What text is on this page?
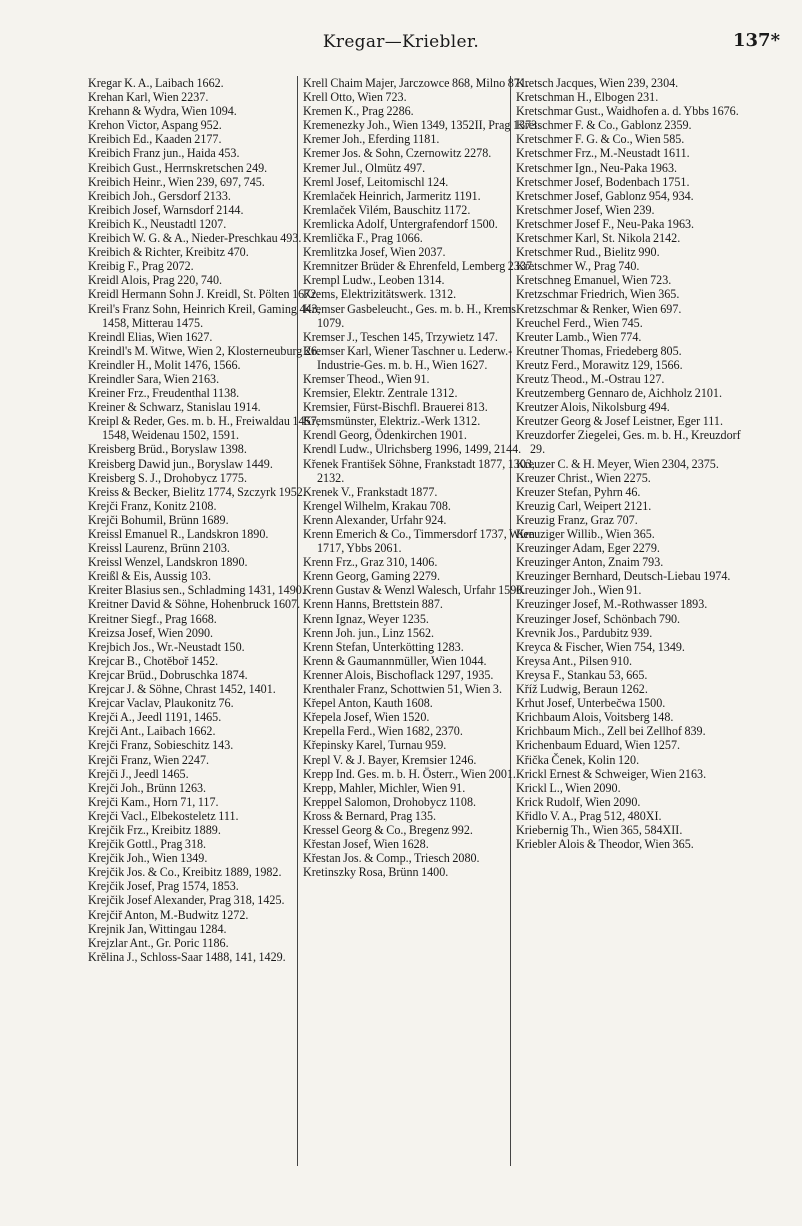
Kregar—Kriebler.	137*

Kregar K. A., Laibach 1662.

Krehan Karl, Wien 2237.

Krehann & Wydra, Wien 1094.

Krehon Victor, Aspang 952.

Kreibich Ed., Kaaden 2177.

Kreibich Franz jun., Haida 453.

Kreibich Gust., Herrnskretschen 249.

Kreibich Heinr., Wien 239, 697, 745.

Kreibich Joh., Gersdorf 2133.

Kreibich Josef, Warnsdorf 2144.

Kreibich K., Neustadtl 1207.

Kreibich W. G. & A., Nieder-Preschkau 493.

Kreibich & Richter, Kreibitz 470.

Kreibig F., Prag 2072.

Kreidl Alois, Prag 220, 740.

Kreidl Hermann Sohn J. Kreidl, St. Pölten 1672.

Kreil's Franz Sohn, Heinrich Kreil, Gaming 443, 1458, Mitterau 1475.

Kreindl Elias, Wien 1627.

Kreindl's M. Witwe, Wien 2, Klosterneuburg 26.

Kreindler H., Molit 1476, 1566.

Kreindler Sara, Wien 2163.

Kreiner Frz., Freudenthal 1138.

Kreiner & Schwarz, Stanislau 1914.

Kreipl & Reder, Ges. m. b. H., Freiwaldau 1457, 1548, Weidenau 1502, 1591.

Kreisberg Brüd., Boryslaw 1398.

Kreisberg Dawid jun., Boryslaw 1449.

Kreisberg S. J., Drohobycz 1775.

Kreiss & Becker, Bielitz 1774, Szczyrk 1952.

Krejči Franz, Konitz 2108.

Krejči Bohumil, Brünn 1689.

Kreissl Emanuel R., Landskron 1890.

Kreissl Laurenz, Brünn 2103.

Kreissl Wenzel, Landskron 1890.

Kreißl & Eis, Aussig 103.

Kreiter Blasius sen., Schladming 1431, 1490.

Kreitner David & Söhne, Hohenbruck 1607.

Kreitner Siegf., Prag 1668.

Kreizsa Josef, Wien 2090.

Krejbich Jos., Wr.-Neustadt 150.

Krejcar B., Chotěboř 1452.

Krejcar Brüd., Dobruschka 1874.

Krejcar J. & Söhne, Chrast 1452, 1401.

Krejcar Vaclav, Plaukonitz 76.

Krejči A., Jeedl 1191, 1465.

Krejči Ant., Laibach 1662.

Krejči Franz, Sobieschitz 143.

Krejči Franz, Wien 2247.

Krejči J., Jeedl 1465.

Krejči Joh., Brünn 1263.

Krejči Kam., Horn 71, 117.

Krejči Vacl., Elbekosteletz 111.

Krejčik Frz., Kreibitz 1889.

Krejčik Gottl., Prag 318.

Krejčik Joh., Wien 1349.

Krejčik Jos. & Co., Kreibitz 1889, 1982.

Krejčik Josef, Prag 1574, 1853.

Krejčik Josef Alexander, Prag 318, 1425.

Krejčiř Anton, M.-Budwitz 1272.

Krejnik Jan, Wittingau 1284.

Krejzlar Ant., Gr. Poric 1186.

Krělina J., Schloss-Saar 1488, 141, 1429.

Krell Chaim Majer, Jarczowce 868, Milno 871.

Krell Otto, Wien 723.

Kremen K., Prag 2286.

Kremenezky Joh., Wien 1349, 1352II, Prag 1373.

Kremer Joh., Eferding 1181.

Kremer Jos. & Sohn, Czernowitz 2278.

Kremer Jul., Olmütz 497.

Kreml Josef, Leitomischl 124.

Kremlaček Heinrich, Jarmeritz 1191.

Kremlaček Vilém, Bauschitz 1172.

Kremlicka Adolf, Untergrafendorf 1500.

Kremlička F., Prag 1066.

Kremlitzka Josef, Wien 2037.

Kremnitzer Brüder & Ehrenfeld, Lemberg 2337.

Krempl Ludw., Leoben 1314.

Krems, Elektrizitätswerk. 1312.

Kremser Gasbeleucht., Ges. m. b. H., Krems 1079.

Kremser J., Teschen 145, Trzywietz 147.

Kremser Karl, Wiener Taschner u. Lederw.-Industrie-Ges. m. b. H., Wien 1627.

Kremser Theod., Wien 91.

Kremsier, Elektr. Zentrale 1312.

Kremsier, Fürst-Bischfl. Brauerei 813.

Kremsmünster, Elektriz.-Werk 1312.

Krendl Georg, Ödenkirchen 1901.

Krendl Ludw., Ulrichsberg 1996, 1499, 2144.

Křenek František Söhne, Frankstadt 1877, 1303, 2132.

Krenek V., Frankstadt 1877.

Krengel Wilhelm, Krakau 708.

Krenn Alexander, Urfahr 924.

Krenn Emerich & Co., Timmersdorf 1737, Wien 1717, Ybbs 2061.

Krenn Frz., Graz 310, 1406.

Krenn Georg, Gaming 2279.

Krenn Gustav & Wenzl Walesch, Urfahr 1590.

Krenn Hanns, Brettstein 887.

Krenn Ignaz, Weyer 1235.

Krenn Joh. jun., Linz 1562.

Krenn Stefan, Unterkötting 1283.

Krenn & Gaumannmüller, Wien 1044.

Krenner Alois, Bischoflack 1297, 1935.

Krenthaler Franz, Schottwien 51, Wien 3.

Křepel Anton, Kauth 1608.

Křepela Josef, Wien 1520.

Krepella Ferd., Wien 1682, 2370.

Křepinsky Karel, Turnau 959.

Krepl V. & J. Bayer, Kremsier 1246.

Krepp Ind. Ges. m. b. H. Österr., Wien 2001.

Krepp, Mahler, Michler, Wien 91.

Kreppel Salomon, Drohobycz 1108.

Kross & Bernard, Prag 135.

Kressel Georg & Co., Bregenz 992.

Křestan Josef, Wien 1628.

Křestan Jos. & Comp., Triesch 2080.

Kretinszky Rosa, Brünn 1400.

Kretsch Jacques, Wien 239, 2304.

Kretschman H., Elbogen 231.

Kretschmar Gust., Waidhofen a. d. Ybbs 1676.

Kretschmer F. & Co., Gablonz 2359.

Kretschmer F. G. & Co., Wien 585.

Kretschmer Frz., M.-Neustadt 1611.

Kretschmer Ign., Neu-Paka 1963.

Kretschmer Josef, Bodenbach 1751.

Kretschmer Josef, Gablonz 954, 934.

Kretschmer Josef, Wien 239.

Kretschmer Josef F., Neu-Paka 1963.

Kretschmer Karl, St. Nikola 2142.

Kretschmer Rud., Bielitz 990.

Kretschmer W., Prag 740.

Kretschneg Emanuel, Wien 723.

Kretzschmar Friedrich, Wien 365.

Kretzschmar & Renker, Wien 697.

Kreuchel Ferd., Wien 745.

Kreuter Lamb., Wien 774.

Kreutner Thomas, Friedeberg 805.

Kreutz Ferd., Morawitz 129, 1566.

Kreutz Theod., M.-Ostrau 127.

Kreutzemberg Gennaro de, Aichholz 2101.

Kreutzer Alois, Nikolsburg 494.

Kreutzer Georg & Josef Leistner, Eger 111.

Kreuzdorfer Ziegelei, Ges. m. b. H., Kreuzdorf 29.

Kreuzer C. & H. Meyer, Wien 2304, 2375.

Kreuzer Christ., Wien 2275.

Kreuzer Stefan, Pyhrn 46.

Kreuzig Carl, Weipert 2121.

Kreuzig Franz, Graz 707.

Kreuziger Willib., Wien 365.

Kreuzinger Adam, Eger 2279.

Kreuzinger Anton, Znaim 793.

Kreuzinger Bernhard, Deutsch-Liebau 1974.

Kreuzinger Joh., Wien 91.

Kreuzinger Josef, M.-Rothwasser 1893.

Kreuzinger Josef, Schönbach 790.

Krevnik Jos., Pardubitz 939.

Kreyca & Fischer, Wien 754, 1349.

Kreysa Ant., Pilsen 910.

Kreysa F., Stankau 53, 665.

Kříž Ludwig, Beraun 1262.

Krhut Josef, Unterbečwa 1500.

Krichbaum Alois, Voitsberg 148.

Krichbaum Mich., Zell bei Zellhof 839.

Krichenbaum Eduard, Wien 1257.

Křička Čenek, Kolin 120.

Krickl Ernest & Schweiger, Wien 2163.

Krickl L., Wien 2090.

Krick Rudolf, Wien 2090.

Křidlo V. A., Prag 512, 480XI.

Kriebernig Th., Wien 365, 584XII.

Kriebler Alois & Theodor, Wien 365.
